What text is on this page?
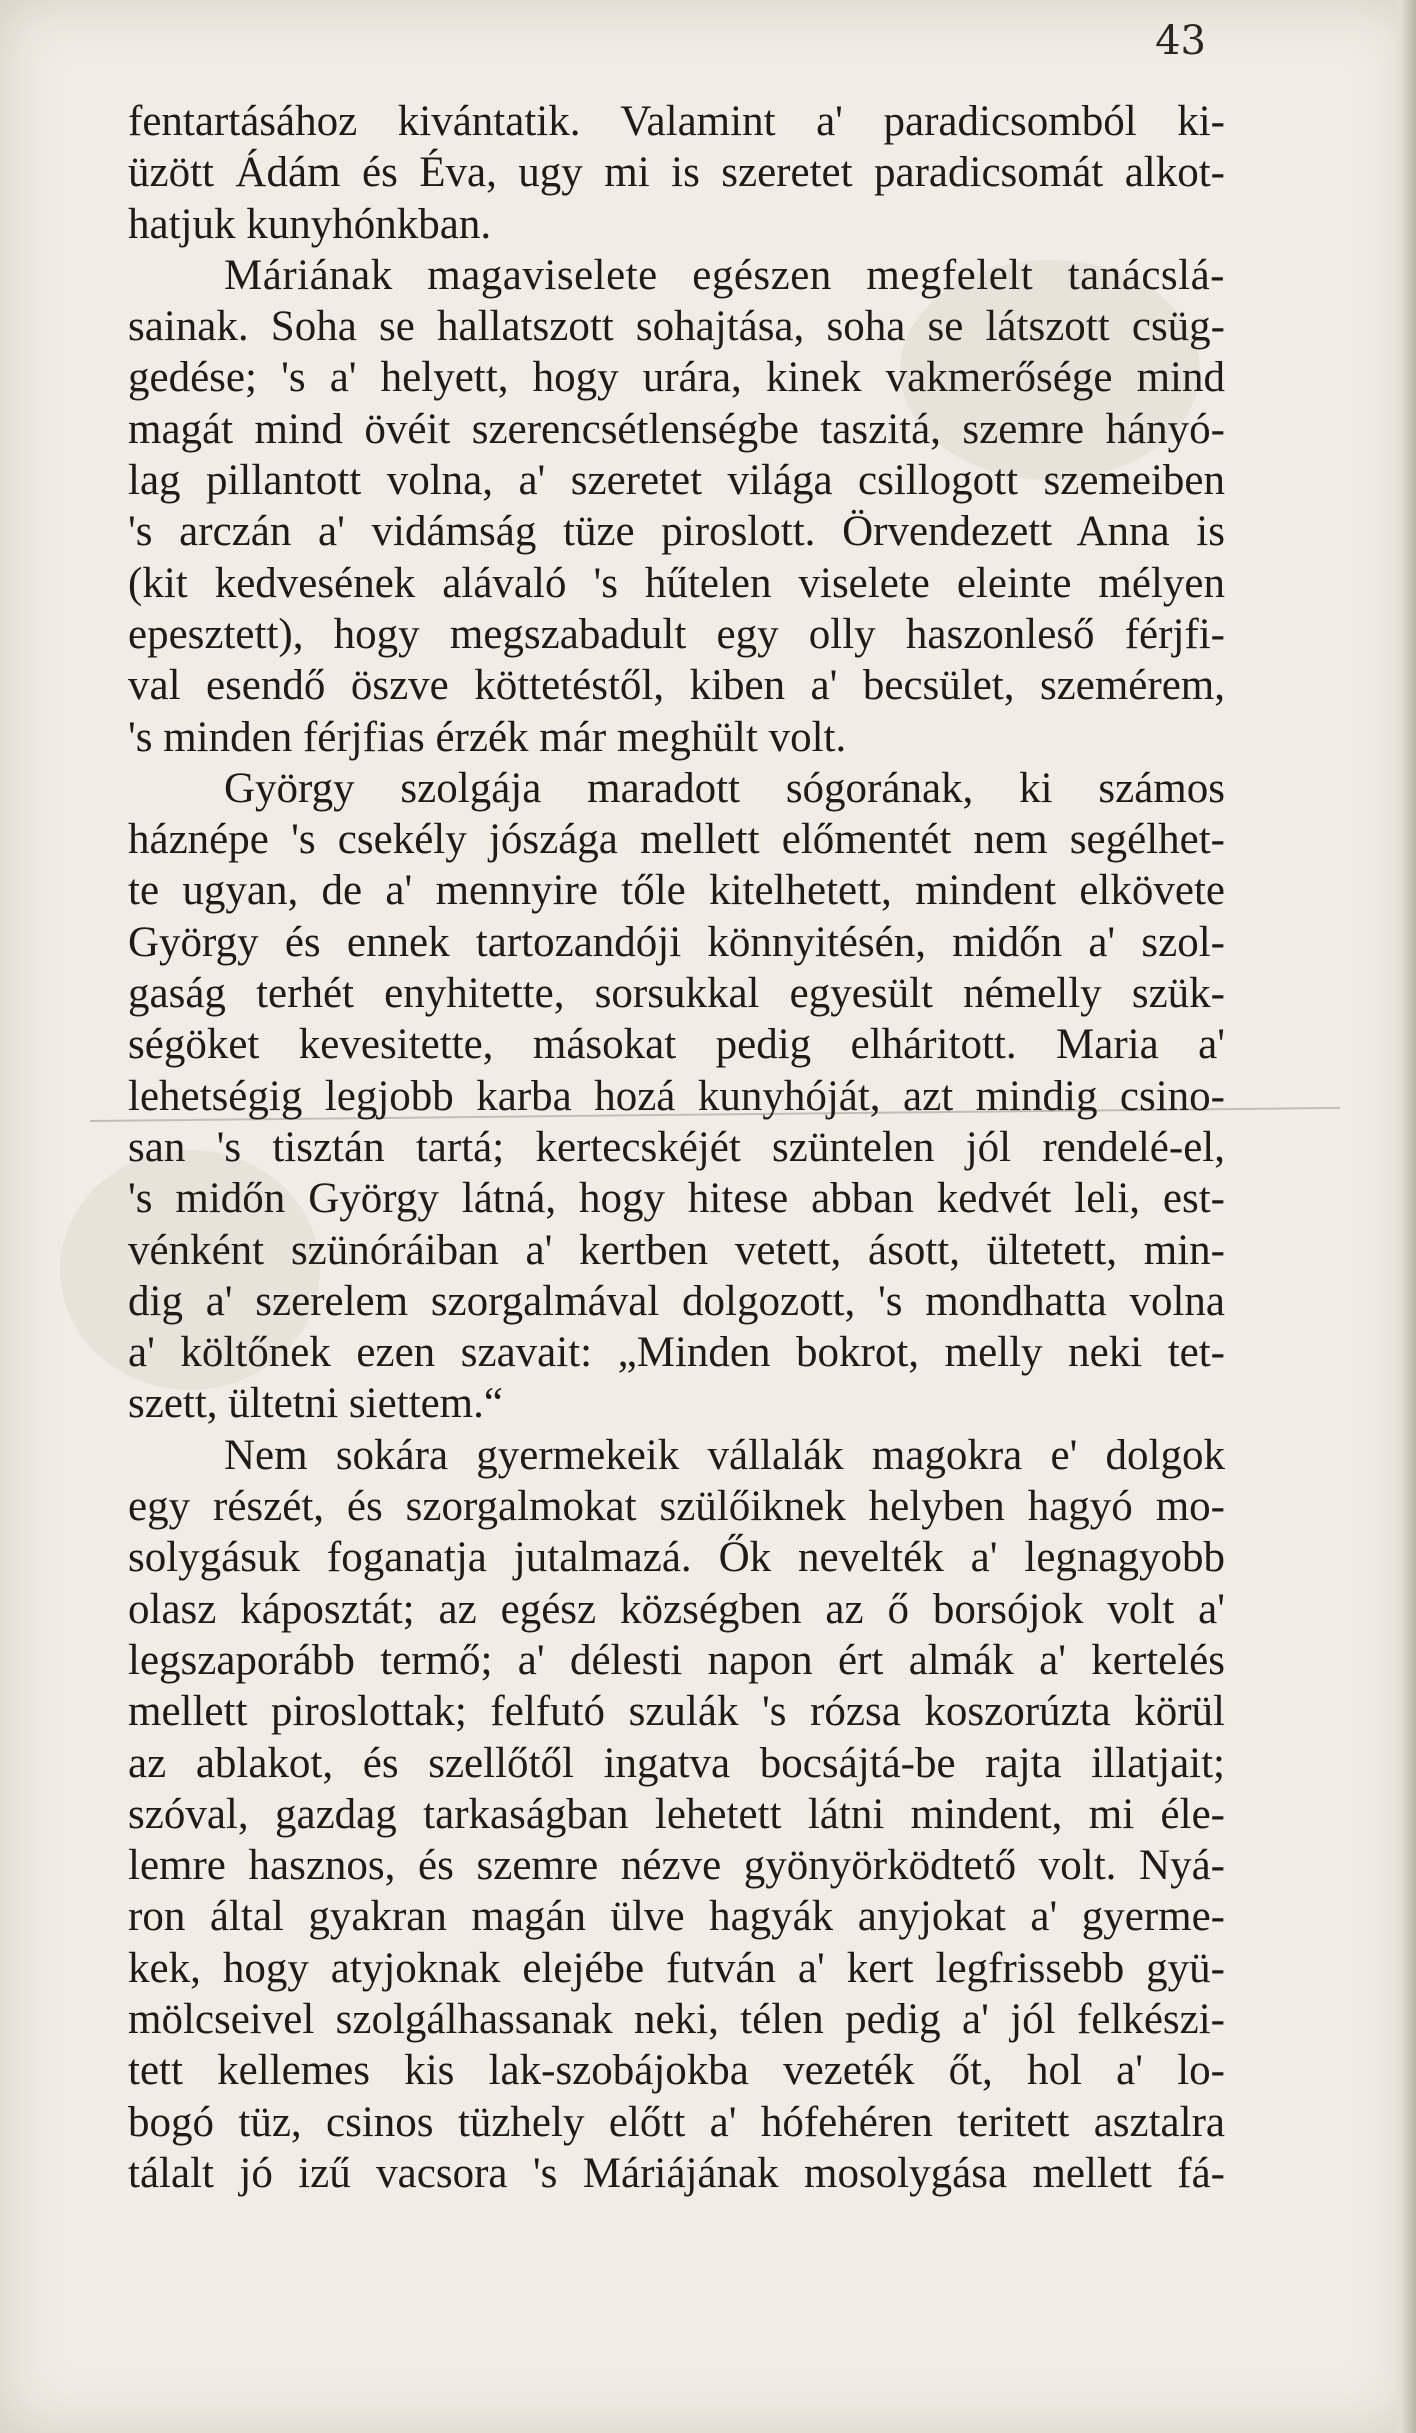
43
fentartásához kivántatik. Valamint a' paradicsomból ki-
üzött Ádám és Éva, ugy mi is szeretet paradicsomát alkot-
hatjuk kunyhónkban.
Máriának magaviselete egészen megfelelt tanácslá-
sainak. Soha se hallatszott sohajtása, soha se látszott csüg-
gedése; 's a' helyett, hogy urára, kinek vakmerősége mind
magát mind övéit szerencsétlenségbe taszitá, szemre hányó-
lag pillantott volna, a' szeretet világa csillogott szemeiben
's arczán a' vidámság tüze piroslott. Örvendezett Anna is
(kit kedvesének alávaló 's hűtelen viselete eleinte mélyen
epesztett), hogy megszabadult egy olly haszonleső férjfi-
val esendő öszve köttetéstől, kiben a' becsület, szemérem,
's minden férjfias érzék már meghült volt.
György szolgája maradott sógorának, ki számos
háznépe 's csekély jószága mellett előmentét nem segélhet-
te ugyan, de a' mennyire tőle kitelhetett, mindent elkövete
György és ennek tartozandóji könnyitésén, midőn a' szol-
gaság terhét enyhitette, sorsukkal egyesült némelly szük-
ségöket kevesitette, másokat pedig elháritott. Maria a'
lehetségig legjobb karba hozá kunyhóját, azt mindig csino-
san 's tisztán tartá; kertecskéjét szüntelen jól rendelé-el,
's midőn György látná, hogy hitese abban kedvét leli, est-
vénként szünóráiban a' kertben vetett, ásott, ültetett, min-
dig a' szerelem szorgalmával dolgozott, 's mondhatta volna
a' költőnek ezen szavait: „Minden bokrot, melly neki tet-
szett, ültetni siettem.“
Nem sokára gyermekeik vállalák magokra e' dolgok
egy részét, és szorgalmokat szülőiknek helyben hagyó mo-
solygásuk foganatja jutalmazá. Ők nevelték a' legnagyobb
olasz káposztát; az egész községben az ő borsójok volt a'
legszaporább termő; a' délesti napon ért almák a' kertelés
mellett piroslottak; felfutó szulák 's rózsa koszorúzta körül
az ablakot, és szellőtől ingatva bocsájtá-be rajta illatjait;
szóval, gazdag tarkaságban lehetett látni mindent, mi éle-
lemre hasznos, és szemre nézve gyönyörködtető volt. Nyá-
ron által gyakran magán ülve hagyák anyjokat a' gyerme-
kek, hogy atyjoknak elejébe futván a' kert legfrissebb gyü-
mölcseivel szolgálhassanak neki, télen pedig a' jól felkészi-
tett kellemes kis lak-szobájokba vezeték őt, hol a' lo-
bogó tüz, csinos tüzhely előtt a' hófehéren teritett asztalra
tálalt jó izű vacsora 's Máriájának mosolygása mellett fá-
